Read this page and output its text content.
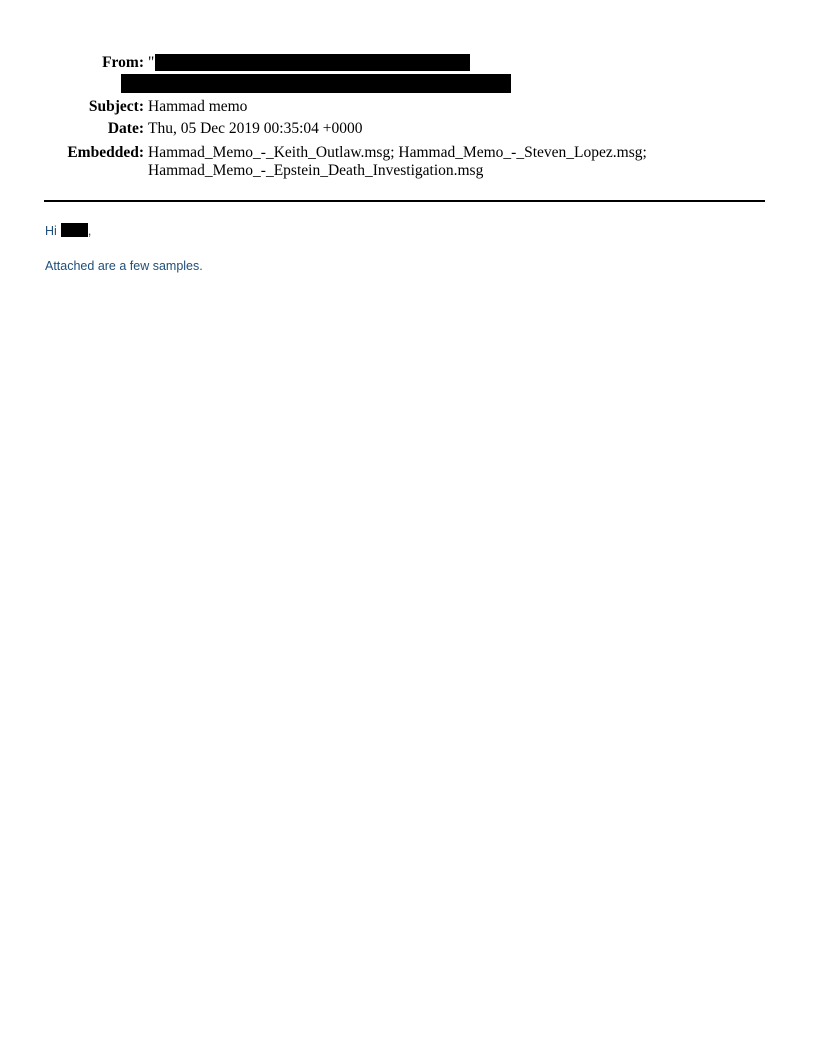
From: "
Subject: Hammad memo
Date: Thu, 05 Dec 2019 00:35:04 +0000
Embedded: Hammad_Memo_-_Keith_Outlaw.msg; Hammad_Memo_-_Steven_Lopez.msg; Hammad_Memo_-_Epstein_Death_Investigation.msg
Hi ,
Attached are a few samples.
